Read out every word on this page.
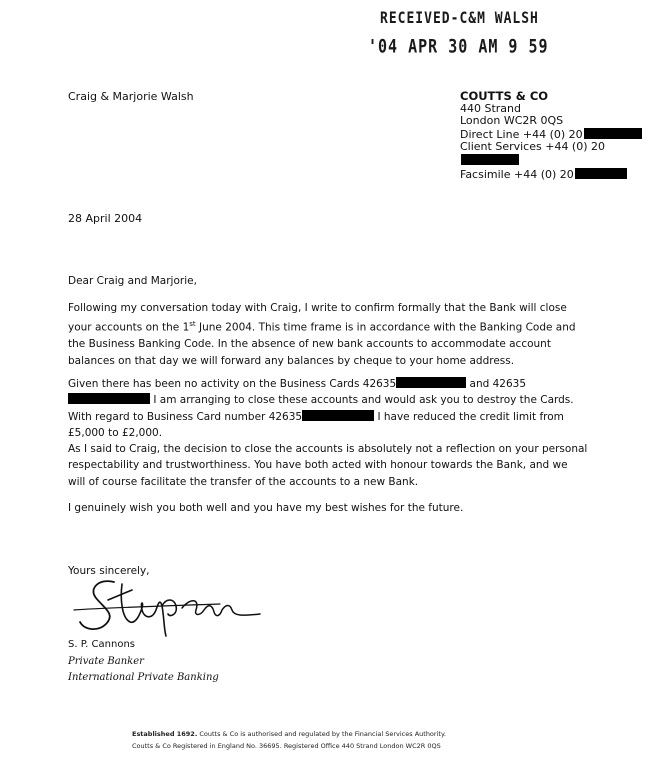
RECEIVED-C&M WALSH
'04 APR 30 AM 9 59
Craig & Marjorie Walsh	COUTTS & CO
440 Strand
London WC2R 0QS
Direct Line +44 (0) 20
Client Services +44 (0) 20
Facsimile +44 (0) 20
28 April 2004
Dear Craig and Marjorie,
Following my conversation today with Craig, I write to confirm formally that the Bank will close your accounts on the 1st June 2004. This time frame is in accordance with the Banking Code and the Business Banking Code. In the absence of new bank accounts to accommodate account balances on that day we will forward any balances by cheque to your home address.
Given there has been no activity on the Business Cards 42635	and 42635 I am arranging to close these accounts and would ask you to destroy the Cards. With regard to Business Card number 42635	I have reduced the credit limit from £5,000 to £2,000.
As I said to Craig, the decision to close the accounts is absolutely not a reflection on your personal respectability and trustworthiness. You have both acted with honour towards the Bank, and we will of course facilitate the transfer of the accounts to a new Bank.
I genuinely wish you both well and you have my best wishes for the future.
Yours sincerely,
S. P. Cannons
Private Banker
International Private Banking
Established 1692. Coutts & Co is authorised and regulated by the Financial Services Authority.
Coutts & Co Registered in England No. 36695. Registered Office 440 Strand London WC2R 0QS
